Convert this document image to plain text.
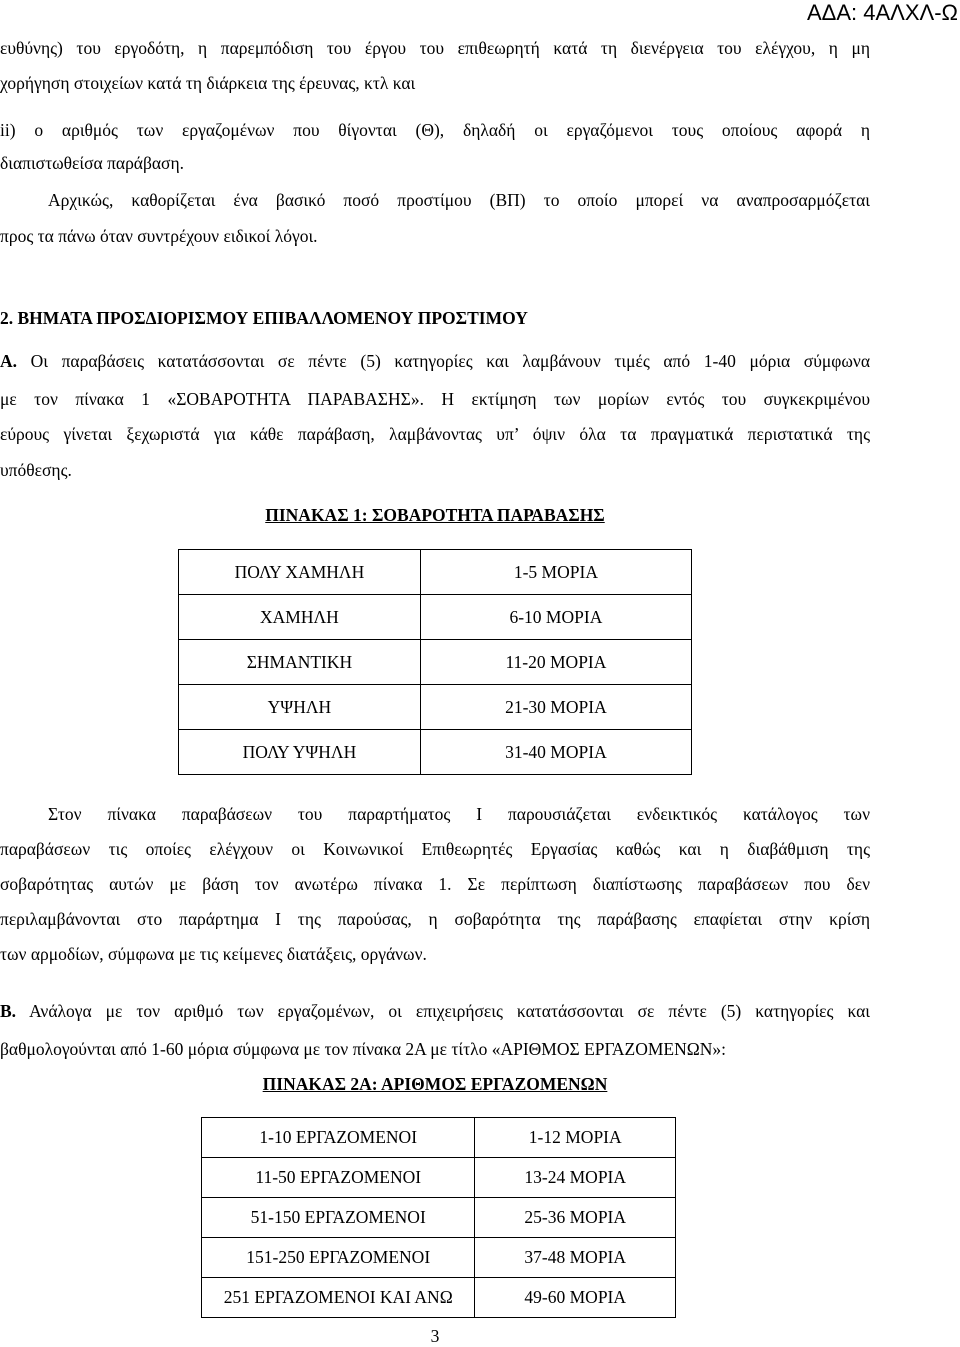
ΑΔΑ: 4ΑΛΧΛ-Ω
ευθύνης) του εργοδότη, η παρεμπόδιση του έργου του επιθεωρητή κατά τη διενέργεια του ελέγχου, η μη
χορήγηση στοιχείων κατά τη διάρκεια της έρευνας, κτλ και
ii) ο αριθμός των εργαζομένων που θίγονται (Θ), δηλαδή οι εργαζόμενοι τους οποίους αφορά η
διαπιστωθείσα παράβαση.
Αρχικώς, καθορίζεται ένα βασικό ποσό προστίμου (ΒΠ) το οποίο μπορεί να αναπροσαρμόζεται
προς τα πάνω όταν συντρέχουν ειδικοί λόγοι.
2. ΒΗΜΑΤΑ ΠΡΟΣΔΙΟΡΙΣΜΟΥ ΕΠΙΒΑΛΛΟΜΕΝΟΥ ΠΡΟΣΤΙΜΟΥ
Α. Οι παραβάσεις κατατάσσονται σε πέντε (5) κατηγορίες και λαμβάνουν τιμές από 1-40 μόρια σύμφωνα
με τον πίνακα 1 «ΣΟΒΑΡΟΤΗΤΑ ΠΑΡΑΒΑΣΗΣ». Η εκτίμηση των μορίων εντός του συγκεκριμένου
εύρους γίνεται ξεχωριστά για κάθε παράβαση, λαμβάνοντας υπ’ όψιν όλα τα πραγματικά περιστατικά της
υπόθεσης.
ΠΙΝΑΚΑΣ 1: ΣΟΒΑΡΟΤΗΤΑ ΠΑΡΑΒΑΣΗΣ
ΠΟΛΥ ΧΑΜΗΛΗ	1-5 ΜΟΡΙΑ
ΧΑΜΗΛΗ	6-10 ΜΟΡΙΑ
ΣΗΜΑΝΤΙΚΗ	11-20 ΜΟΡΙΑ
ΥΨΗΛΗ	21-30 ΜΟΡΙΑ
ΠΟΛΥ ΥΨΗΛΗ	31-40 ΜΟΡΙΑ
Στον πίνακα παραβάσεων του παραρτήματος Ι παρουσιάζεται ενδεικτικός κατάλογος των
παραβάσεων τις οποίες ελέγχουν οι Κοινωνικοί Επιθεωρητές Εργασίας καθώς και η διαβάθμιση της
σοβαρότητας αυτών με βάση τον ανωτέρω πίνακα 1. Σε περίπτωση διαπίστωσης παραβάσεων που δεν
περιλαμβάνονται στο παράρτημα Ι της παρούσας, η σοβαρότητα της παράβασης επαφίεται στην κρίση
των αρμοδίων, σύμφωνα με τις κείμενες διατάξεις, οργάνων.
Β. Ανάλογα με τον αριθμό των εργαζομένων, οι επιχειρήσεις κατατάσσονται σε πέντε (5) κατηγορίες και
βαθμολογούνται από 1-60 μόρια σύμφωνα με τον πίνακα 2Α με τίτλο «ΑΡΙΘΜΟΣ ΕΡΓΑΖΟΜΕΝΩΝ»:
ΠΙΝΑΚΑΣ 2Α: ΑΡΙΘΜΟΣ ΕΡΓΑΖΟΜΕΝΩΝ
1-10 ΕΡΓΑΖΟΜΕΝΟΙ	1-12 ΜΟΡΙΑ
11-50 ΕΡΓΑΖΟΜΕΝΟΙ	13-24 ΜΟΡΙΑ
51-150 ΕΡΓΑΖΟΜΕΝΟΙ	25-36 ΜΟΡΙΑ
151-250 ΕΡΓΑΖΟΜΕΝΟΙ	37-48 ΜΟΡΙΑ
251 ΕΡΓΑΖΟΜΕΝΟΙ ΚΑΙ ΑΝΩ	49-60 ΜΟΡΙΑ
3
